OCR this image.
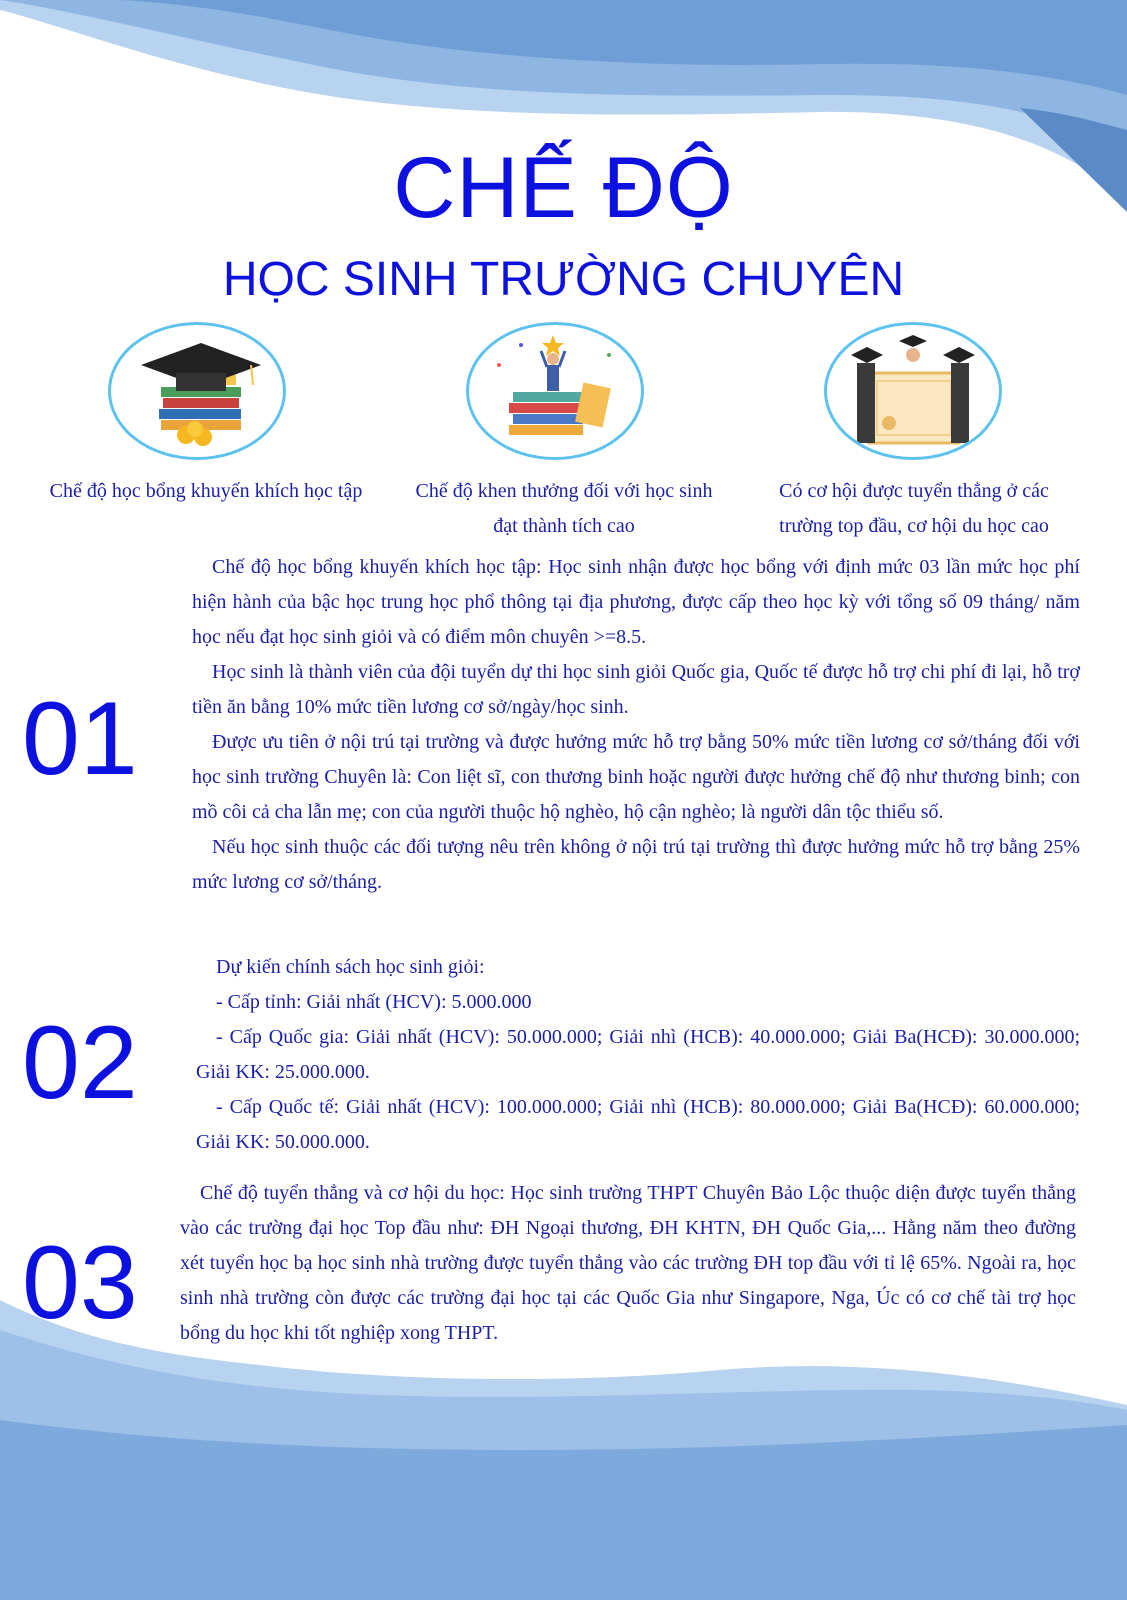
CHẾ ĐỘ
HỌC SINH TRƯỜNG CHUYÊN
Chế độ học bổng khuyến khích học tập	Chế độ khen thưởng đối với học sinh đạt thành tích cao
Có cơ hội được tuyển thẳng ở các trường top đầu, cơ hội du học cao
01
Chế độ học bổng khuyến khích học tập: Học sinh nhận được học bổng với định mức 03 lần mức học phí hiện hành của bậc học trung học phổ thông tại địa phương, được cấp theo học kỳ với tổng số 09 tháng/ năm học nếu đạt học sinh giỏi và có điểm môn chuyên >=8.5.
Học sinh là thành viên của đội tuyển dự thi học sinh giỏi Quốc gia, Quốc tế được hỗ trợ chi phí đi lại, hỗ trợ tiền ăn bằng 10% mức tiền lương cơ sở/ngày/học sinh.
Được ưu tiên ở nội trú tại trường và được hưởng mức hỗ trợ bằng 50% mức tiền lương cơ sở/tháng đối với học sinh trường Chuyên là: Con liệt sĩ, con thương binh hoặc người được hưởng chế độ như thương binh; con mồ côi cả cha lẫn mẹ; con của người thuộc hộ nghèo, hộ cận nghèo; là người dân tộc thiểu số.
Nếu học sinh thuộc các đối tượng nêu trên không ở nội trú tại trường thì được hưởng mức hỗ trợ bằng 25% mức lương cơ sở/tháng.
02
Dự kiến chính sách học sinh giỏi:
- Cấp tỉnh: Giải nhất (HCV): 5.000.000
- Cấp Quốc gia: Giải nhất (HCV): 50.000.000; Giải nhì (HCB): 40.000.000; Giải Ba(HCĐ): 30.000.000; Giải KK: 25.000.000.
- Cấp Quốc tế: Giải nhất (HCV): 100.000.000; Giải nhì (HCB): 80.000.000; Giải Ba(HCĐ): 60.000.000; Giải KK: 50.000.000.
03
Chế độ tuyển thẳng và cơ hội du học: Học sinh trường THPT Chuyên Bảo Lộc thuộc diện được tuyển thẳng vào các trường đại học Top đầu như: ĐH Ngoại thương, ĐH KHTN, ĐH Quốc Gia,... Hằng năm theo đường xét tuyển học bạ học sinh nhà trường được tuyển thẳng vào các trường ĐH top đầu với tỉ lệ 65%. Ngoài ra, học sinh nhà trường còn được các trường đại học tại các Quốc Gia như Singapore, Nga, Úc có cơ chế tài trợ học bổng du học khi tốt nghiệp xong THPT.
